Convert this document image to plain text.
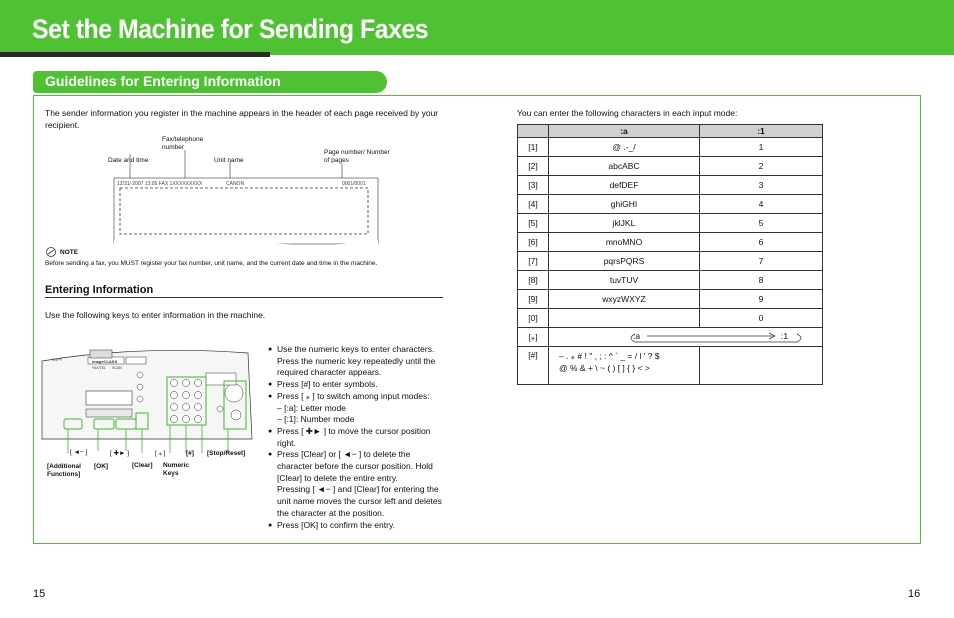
Set the Machine for Sending Faxes
Guidelines for Entering Information
The sender information you register in the machine appears in the header of each page received by your recipient.
Fax/telephone number
Date and time	Unit name
Page number/ Number of pages
12/31/ 2007 13:05 FAX 1XXXXXXXXX	CANON	0001/0001
NOTE
Before sending a fax, you MUST register your fax number, unit name, and the current date and time in the machine.
Entering Information
Use the following keys to enter information in the machine.
imageCLASS
COPY
FAX/TEL SCAN
[ ◄− ]	[ ✚► ]	[ ⁎ ]	[#] [Stop/Reset]
[Additional Functions]
[OK]	[Clear] Numeric Keys
● Use the numeric keys to enter characters.
Press the numeric key repeatedly until the
required character appears.
● Press [#] to enter symbols.
● Press [ ⁎ ] to switch among input modes:
– [:a]: Letter mode
– [:1]: Number mode
● Press [ ✚► ] to move the cursor position
right.
● Press [Clear] or [ ◄− ] to delete the
character before the cursor position. Hold
[Clear] to delete the entire entry.
Pressing [ ◄− ] and [Clear] for entering the
unit name moves the cursor left and deletes
the character at the position.
● Press [OK] to confirm the entry.
You can enter the following characters in each input mode:
	:a	:1
[1]	@ .-_/	1
[2]	abcABC	2
[3]	defDEF	3
[4]	ghiGHI	4
[5]	jklJKL	5
[6]	mnoMNO	6
[7]	pqrsPQRS	7
[8]	tuvTUV	8
[9]	wxyzWXYZ	9
[0]		0
[⁎]	:a :1	

[#]	– . ⁎ # ! " , ; : ^ ` _ = / l ' ? $
@ % & + \ ~ ( ) [ ] { } < >	

15	16
